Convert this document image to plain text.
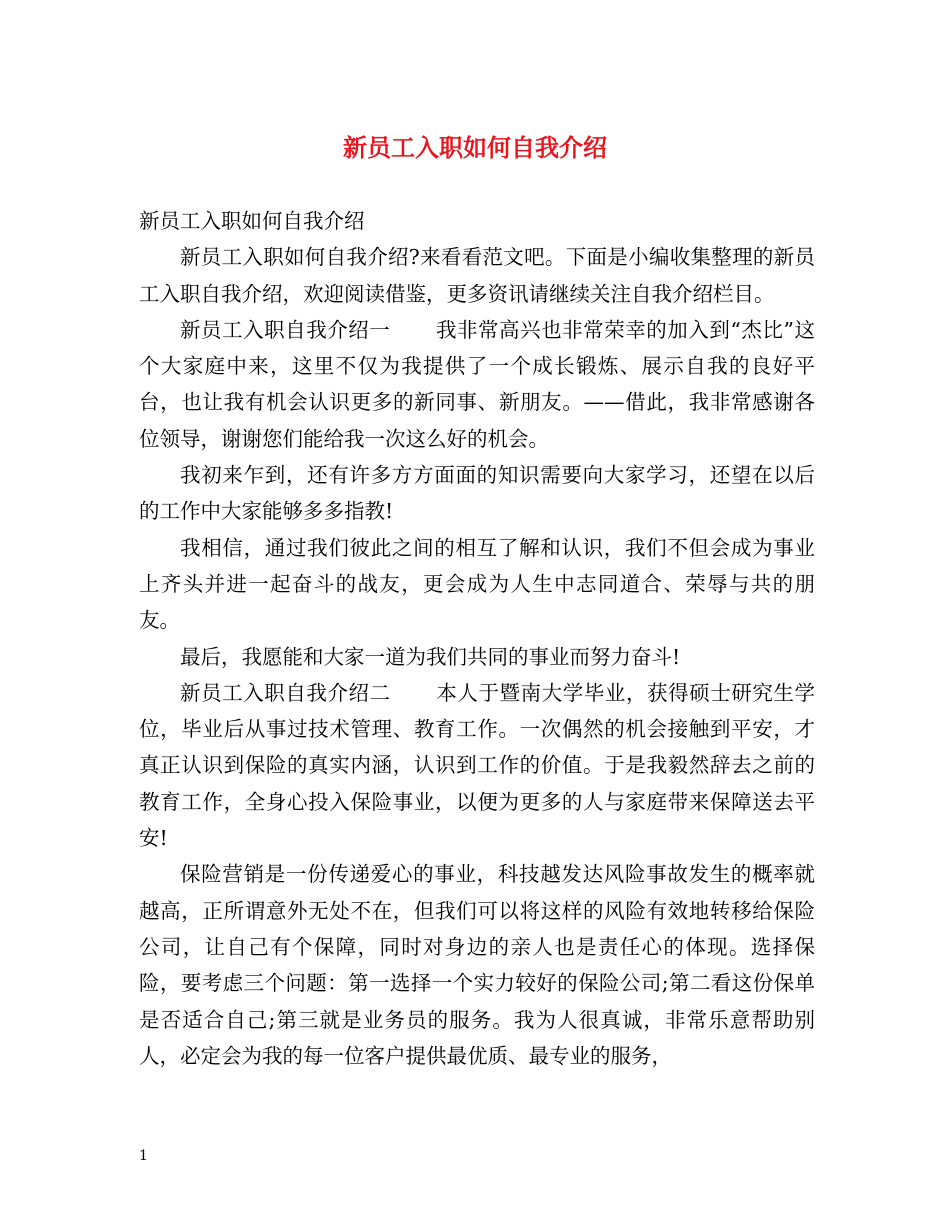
新员工入职如何自我介绍

新员工入职如何自我介绍

新员工入职如何自我介绍?来看看范文吧。下面是小编收集整理的新员工入职自我介绍，欢迎阅读借鉴，更多资讯请继续关注自我介绍栏目。

新员工入职自我介绍一 我非常高兴也非常荣幸的加入到“杰比”这个大家庭中来，这里不仅为我提供了一个成长锻炼、展示自我的良好平台，也让我有机会认识更多的新同事、新朋友。——借此，我非常感谢各位领导，谢谢您们能给我一次这么好的机会。

我初来乍到，还有许多方方面面的知识需要向大家学习，还望在以后的工作中大家能够多多指教!

我相信，通过我们彼此之间的相互了解和认识，我们不但会成为事业上齐头并进一起奋斗的战友，更会成为人生中志同道合、荣辱与共的朋友。

最后，我愿能和大家一道为我们共同的事业而努力奋斗!

新员工入职自我介绍二 本人于暨南大学毕业，获得硕士研究生学位，毕业后从事过技术管理、教育工作。一次偶然的机会接触到平安，才真正认识到保险的真实内涵，认识到工作的价值。于是我毅然辞去之前的教育工作，全身心投入保险事业，以便为更多的人与家庭带来保障送去平安!

保险营销是一份传递爱心的事业，科技越发达风险事故发生的概率就越高，正所谓意外无处不在，但我们可以将这样的风险有效地转移给保险公司，让自己有个保障，同时对身边的亲人也是责任心的体现。选择保险，要考虑三个问题：第一选择一个实力较好的保险公司;第二看这份保单是否适合自己;第三就是业务员的服务。我为人很真诚，非常乐意帮助别人，必定会为我的每一位客户提供最优质、最专业的服务，

1
